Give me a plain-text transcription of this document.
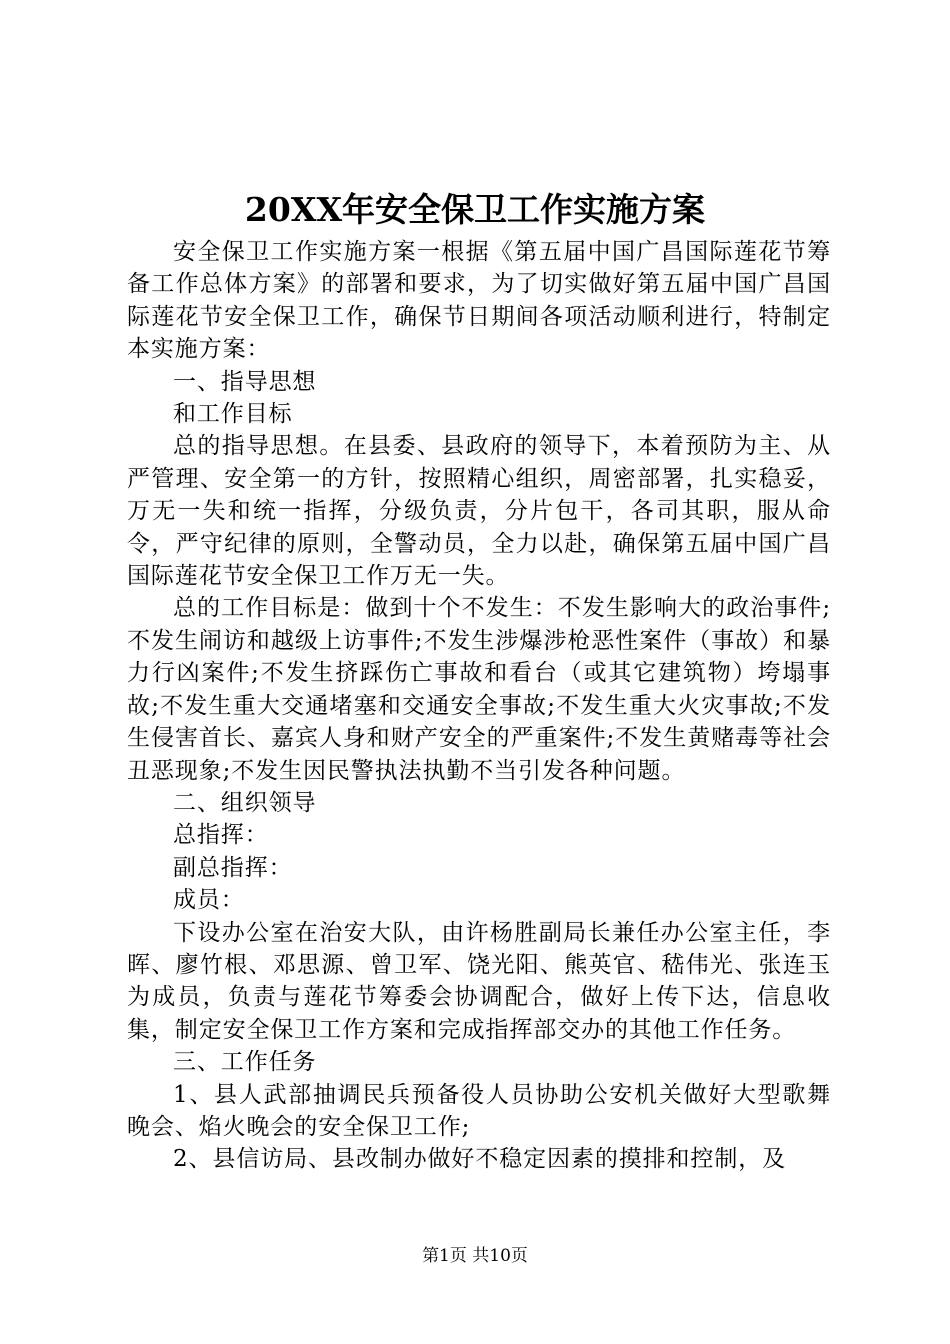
20XX年安全保卫工作实施方案

安全保卫工作实施方案一根据《第五届中国广昌国际莲花节筹备工作总体方案》的部署和要求，为了切实做好第五届中国广昌国际莲花节安全保卫工作，确保节日期间各项活动顺利进行，特制定本实施方案：

一、指导思想

和工作目标

总的指导思想。在县委、县政府的领导下，本着预防为主、从严管理、安全第一的方针，按照精心组织，周密部署，扎实稳妥，万无一失和统一指挥，分级负责，分片包干，各司其职，服从命令，严守纪律的原则，全警动员，全力以赴，确保第五届中国广昌国际莲花节安全保卫工作万无一失。

总的工作目标是：做到十个不发生：不发生影响大的政治事件;不发生闹访和越级上访事件;不发生涉爆涉枪恶性案件（事故）和暴力行凶案件;不发生挤踩伤亡事故和看台（或其它建筑物）垮塌事故;不发生重大交通堵塞和交通安全事故;不发生重大火灾事故;不发生侵害首长、嘉宾人身和财产安全的严重案件;不发生黄赌毒等社会丑恶现象;不发生因民警执法执勤不当引发各种问题。

二、组织领导

总指挥：

副总指挥：

成员：

下设办公室在治安大队，由许杨胜副局长兼任办公室主任，李晖、廖竹根、邓思源、曾卫军、饶光阳、熊英官、嵇伟光、张连玉为成员，负责与莲花节筹委会协调配合，做好上传下达，信息收集，制定安全保卫工作方案和完成指挥部交办的其他工作任务。

三、工作任务

1、县人武部抽调民兵预备役人员协助公安机关做好大型歌舞晚会、焰火晚会的安全保卫工作;

2、县信访局、县改制办做好不稳定因素的摸排和控制，及

第1页 共10页
